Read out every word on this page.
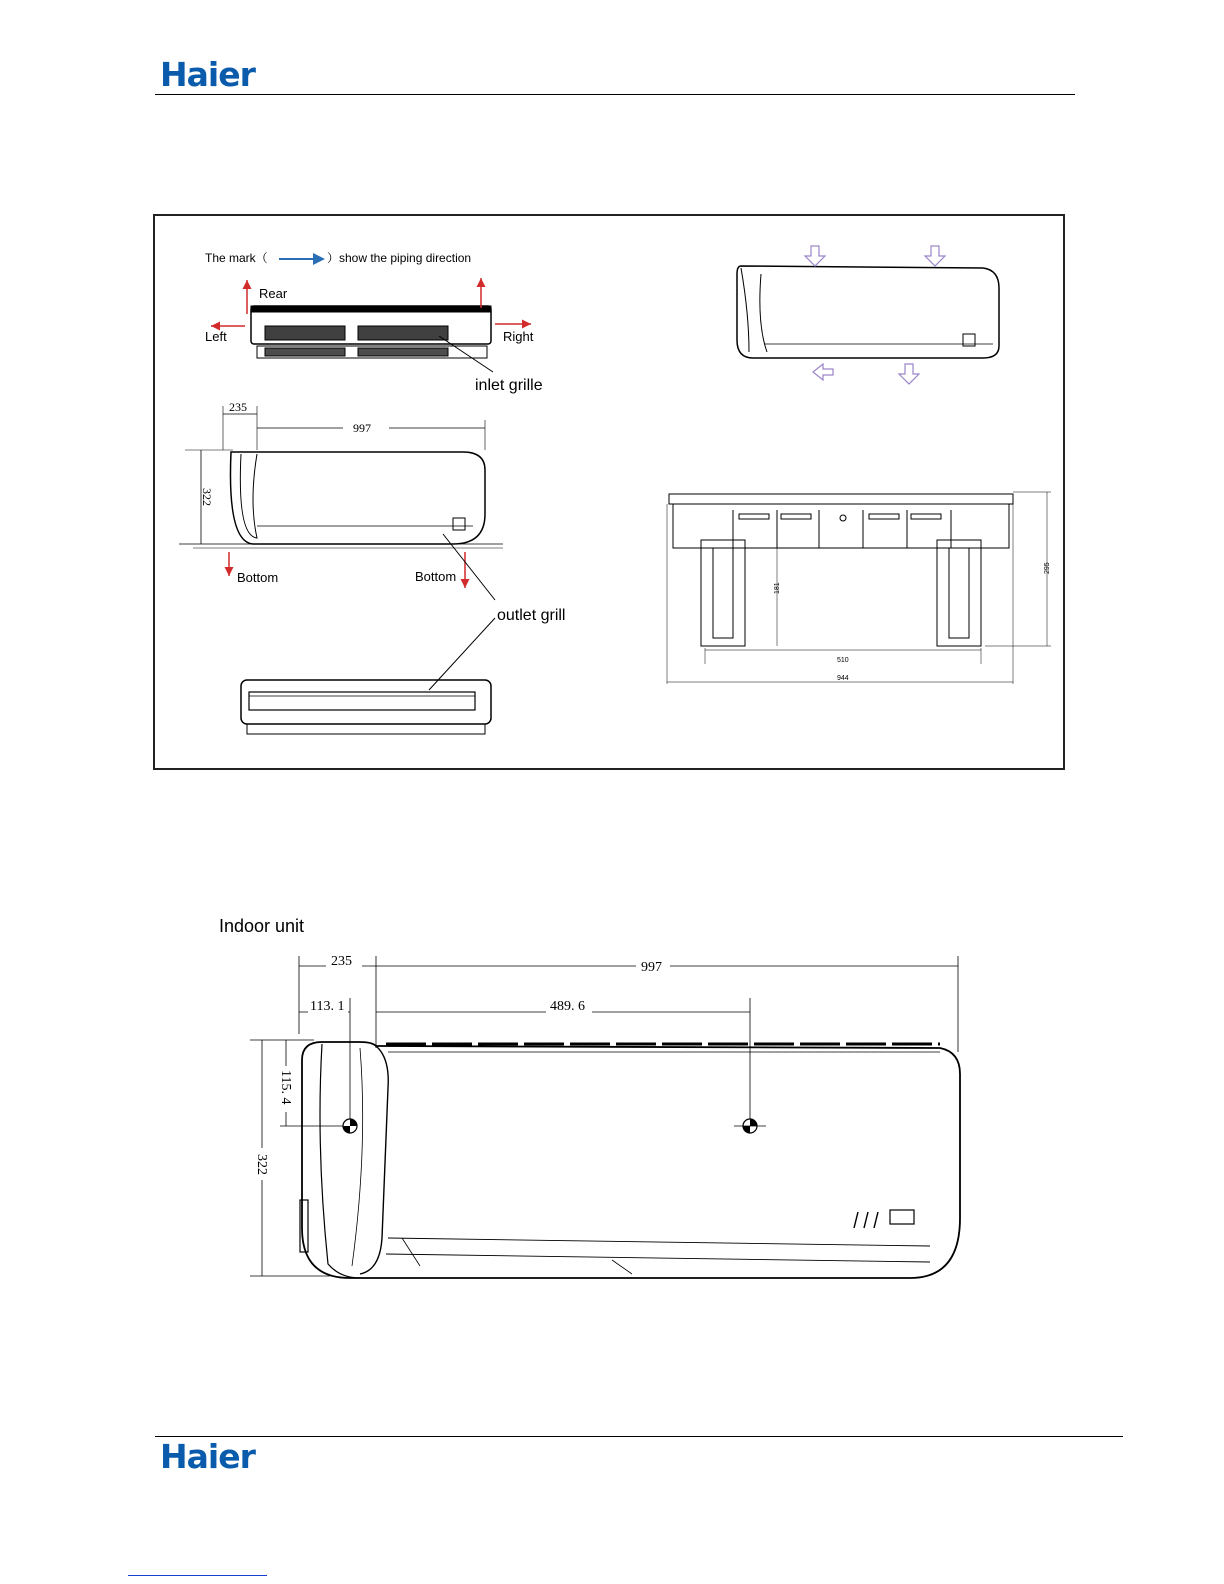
Haier
The mark（	）show the piping direction
Rear
Left	Right
inlet grille
235
997
322
Bottom	Bottom
outlet grill
181
295
510
944
Indoor unit
235	997
113. 1	489. 6
115. 4
322
Haier
